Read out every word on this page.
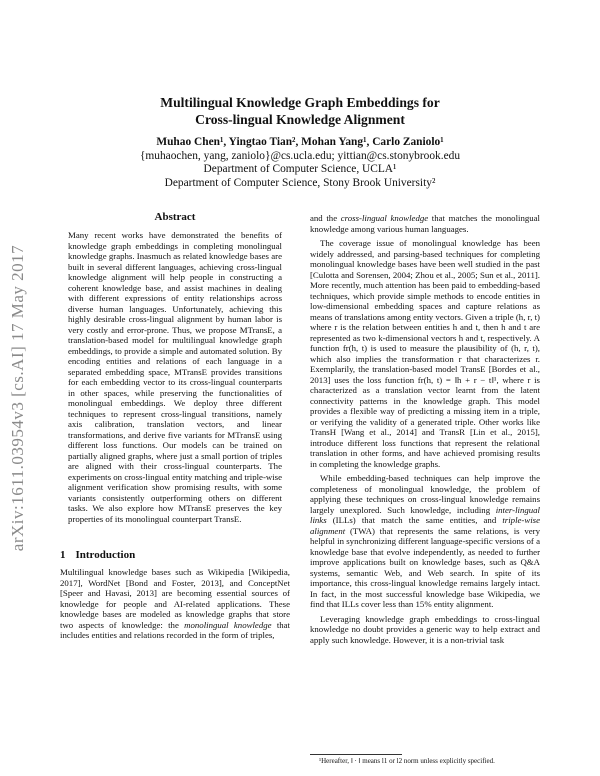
arXiv:1611.03954v3 [cs.AI] 17 May 2017
Multilingual Knowledge Graph Embeddings for
Cross-lingual Knowledge Alignment
Muhao Chen¹, Yingtao Tian², Mohan Yang¹, Carlo Zaniolo¹
{muhaochen, yang, zaniolo}@cs.ucla.edu; yittian@cs.stonybrook.edu
Department of Computer Science, UCLA¹
Department of Computer Science, Stony Brook University²
Abstract
Many recent works have demonstrated the benefits of knowledge graph embeddings in completing monolingual knowledge graphs. Inasmuch as related knowledge bases are built in several different languages, achieving cross-lingual knowledge alignment will help people in constructing a coherent knowledge base, and assist machines in dealing with different expressions of entity relationships across diverse human languages. Unfortunately, achieving this highly desirable cross-lingual alignment by human labor is very costly and error-prone. Thus, we propose MTransE, a translation-based model for multilingual knowledge graph embeddings, to provide a simple and automated solution. By encoding entities and relations of each language in a separated embedding space, MTransE provides transitions for each embedding vector to its cross-lingual counterparts in other spaces, while preserving the functionalities of monolingual embeddings. We deploy three different techniques to represent cross-lingual transitions, namely axis calibration, translation vectors, and linear transformations, and derive five variants for MTransE using different loss functions. Our models can be trained on partially aligned graphs, where just a small portion of triples are aligned with their cross-lingual counterparts. The experiments on cross-lingual entity matching and triple-wise alignment verification show promising results, with some variants consistently outperforming others on different tasks. We also explore how MTransE preserves the key properties of its monolingual counterpart TransE.
1 Introduction

Multilingual knowledge bases such as Wikipedia [Wikipedia, 2017], WordNet [Bond and Foster, 2013], and ConceptNet [Speer and Havasi, 2013] are becoming essential sources of knowledge for people and AI-related applications. These knowledge bases are modeled as knowledge graphs that store two aspects of knowledge: the monolingual knowledge that includes entities and relations recorded in the form of triples,

and the cross-lingual knowledge that matches the monolingual knowledge among various human languages.

The coverage issue of monolingual knowledge has been widely addressed, and parsing-based techniques for completing monolingual knowledge bases have been well studied in the past [Culotta and Sorensen, 2004; Zhou et al., 2005; Sun et al., 2011]. More recently, much attention has been paid to embedding-based techniques, which provide simple methods to encode entities in low-dimensional embedding spaces and capture relations as means of translations among entity vectors. Given a triple (h, r, t) where r is the relation between entities h and t, then h and t are represented as two k-dimensional vectors h and t, respectively. A function fr(h, t) is used to measure the plausibility of (h, r, t), which also implies the transformation r that characterizes r. Exemplarily, the translation-based model TransE [Bordes et al., 2013] uses the loss function fr(h, t) = ‖h + r − t‖¹, where r is characterized as a translation vector learnt from the latent connectivity patterns in the knowledge graph. This model provides a flexible way of predicting a missing item in a triple, or verifying the validity of a generated triple. Other works like TransH [Wang et al., 2014] and TransR [Lin et al., 2015], introduce different loss functions that represent the relational translation in other forms, and have achieved promising results in completing the knowledge graphs.

While embedding-based techniques can help improve the completeness of monolingual knowledge, the problem of applying these techniques on cross-lingual knowledge remains largely unexplored. Such knowledge, including inter-lingual links (ILLs) that match the same entities, and triple-wise alignment (TWA) that represents the same relations, is very helpful in synchronizing different language-specific versions of a knowledge base that evolve independently, as needed to further improve applications built on knowledge bases, such as Q&A systems, semantic Web, and Web search. In spite of its importance, this cross-lingual knowledge remains largely intact. In fact, in the most successful knowledge base Wikipedia, we find that ILLs cover less than 15% entity alignment.

Leveraging knowledge graph embeddings to cross-lingual knowledge no doubt provides a generic way to help extract and apply such knowledge. However, it is a non-trivial task

¹Hereafter, ‖ · ‖ means l1 or l2 norm unless explicitly specified.
